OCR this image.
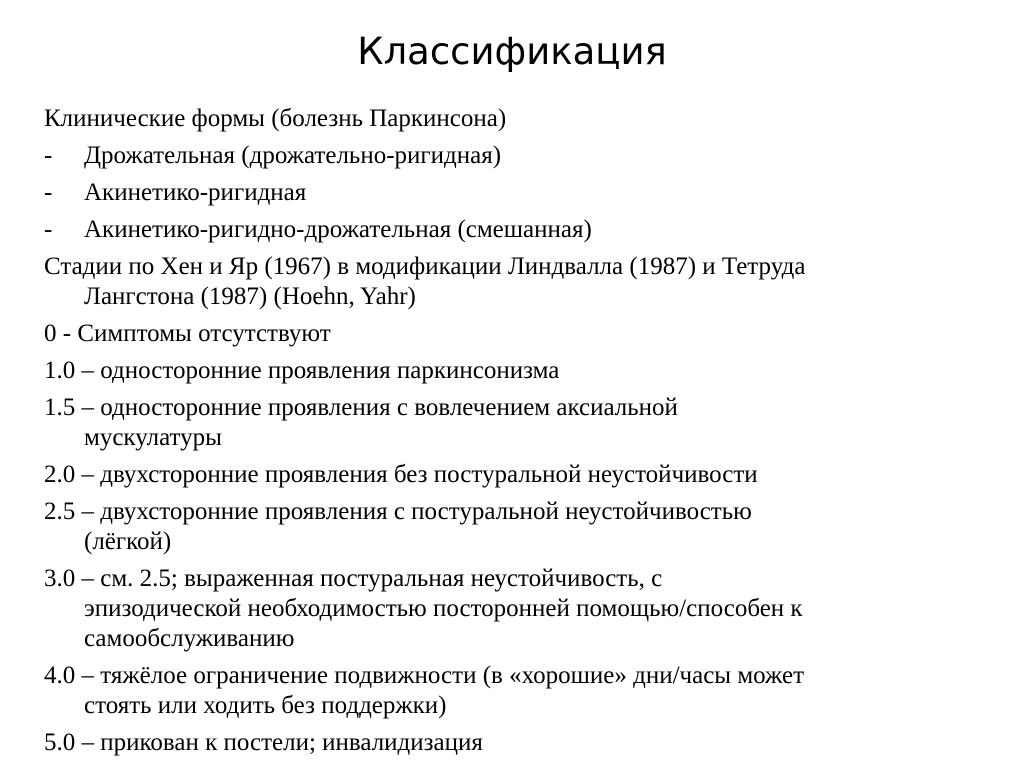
Классификация
Клинические формы (болезнь Паркинсона)
-	Дрожательная (дрожательно-ригидная)
-	Акинетико-ригидная
-	Акинетико-ригидно-дрожательная (смешанная)
Стадии по Хен и Яр (1967) в модификации Линдвалла (1987) и Тетруда
Лангстона (1987) (Hoehn, Yahr)
0 - Симптомы отсутствуют
1.0 – односторонние проявления паркинсонизма
1.5 – односторонние проявления с вовлечением аксиальной
мускулатуры
2.0 – двухсторонние проявления без постуральной неустойчивости
2.5 – двухсторонние проявления с постуральной неустойчивостью
(лёгкой)
3.0 – см. 2.5; выраженная постуральная неустойчивость, с
эпизодической необходимостью посторонней помощью/способен к
самообслуживанию
4.0 – тяжёлое ограничение подвижности (в «хорошие» дни/часы может
стоять или ходить без поддержки)
5.0 – прикован к постели; инвалидизация
